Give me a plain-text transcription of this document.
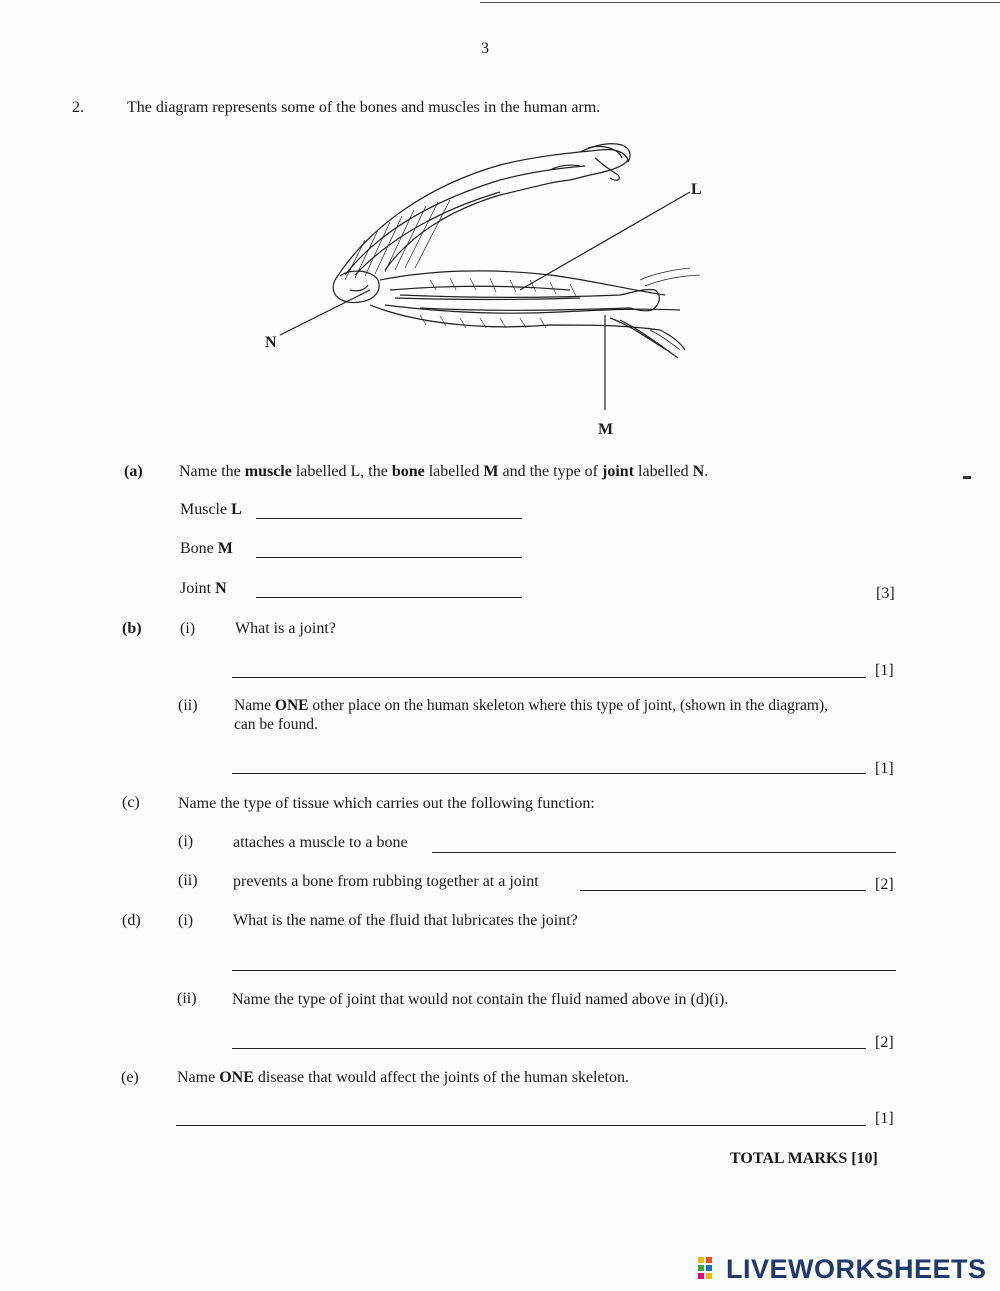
3
2.	The diagram represents some of the bones and muscles in the human arm.
L
N
M
(a) Name the muscle labelled L, the bone labelled M and the type of joint labelled N.
Muscle L
Bone M
Joint N	[3]
(b) (i) What is a joint?
[1]
(ii) Name ONE other place on the human skeleton where this type of joint, (shown in the diagram),
can be found.
[1]
(c) Name the type of tissue which carries out the following function:
(i) attaches a muscle to a bone
(ii) prevents a bone from rubbing together at a joint	[2]
(d) (i) What is the name of the fluid that lubricates the joint?
(ii) Name the type of joint that would not contain the fluid named above in (d)(i).
[2]
(e) Name ONE disease that would affect the joints of the human skeleton.
[1]
TOTAL MARKS [10]
LIVEWORKSHEETS
